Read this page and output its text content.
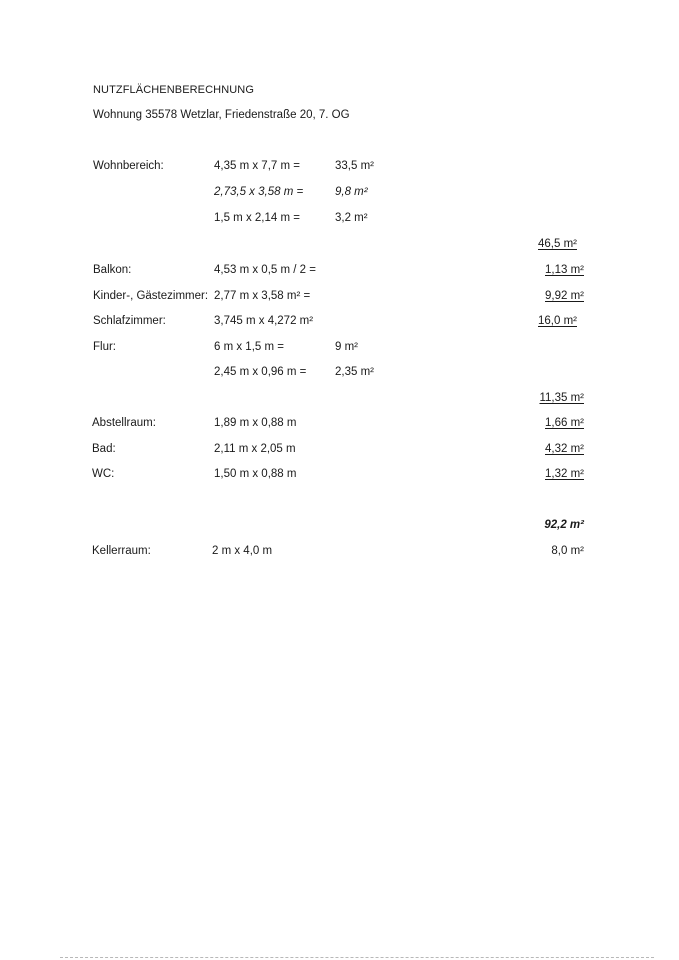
NUTZFLÄCHENBERECHNUNG
Wohnung 35578 Wetzlar, Friedenstraße 20, 7. OG
Wohnbereich:	4,35 m x 7,7 m =	33,5 m²
2,73,5 x 3,58 m =	9,8 m²
1,5 m x 2,14 m =	3,2 m²
46,5 m²
Balkon:	4,53 m x 0,5 m / 2 =	1,13 m²
Kinder-, Gästezimmer: 2,77 m x 3,58 m² =	9,92 m²
Schlafzimmer:	3,745 m x 4,272 m²	16,0 m²
Flur:	6 m x 1,5 m =	9 m²
2,45 m x 0,96 m = 2,35 m²
11,35 m²
Abstellraum:	1,89 m x 0,88 m	1,66 m²
Bad:	2,11 m x 2,05 m	4,32 m²
WC:	1,50 m x 0,88 m	1,32 m²
92,2 m²
Kellerraum:	2 m x 4,0 m	8,0 m²
